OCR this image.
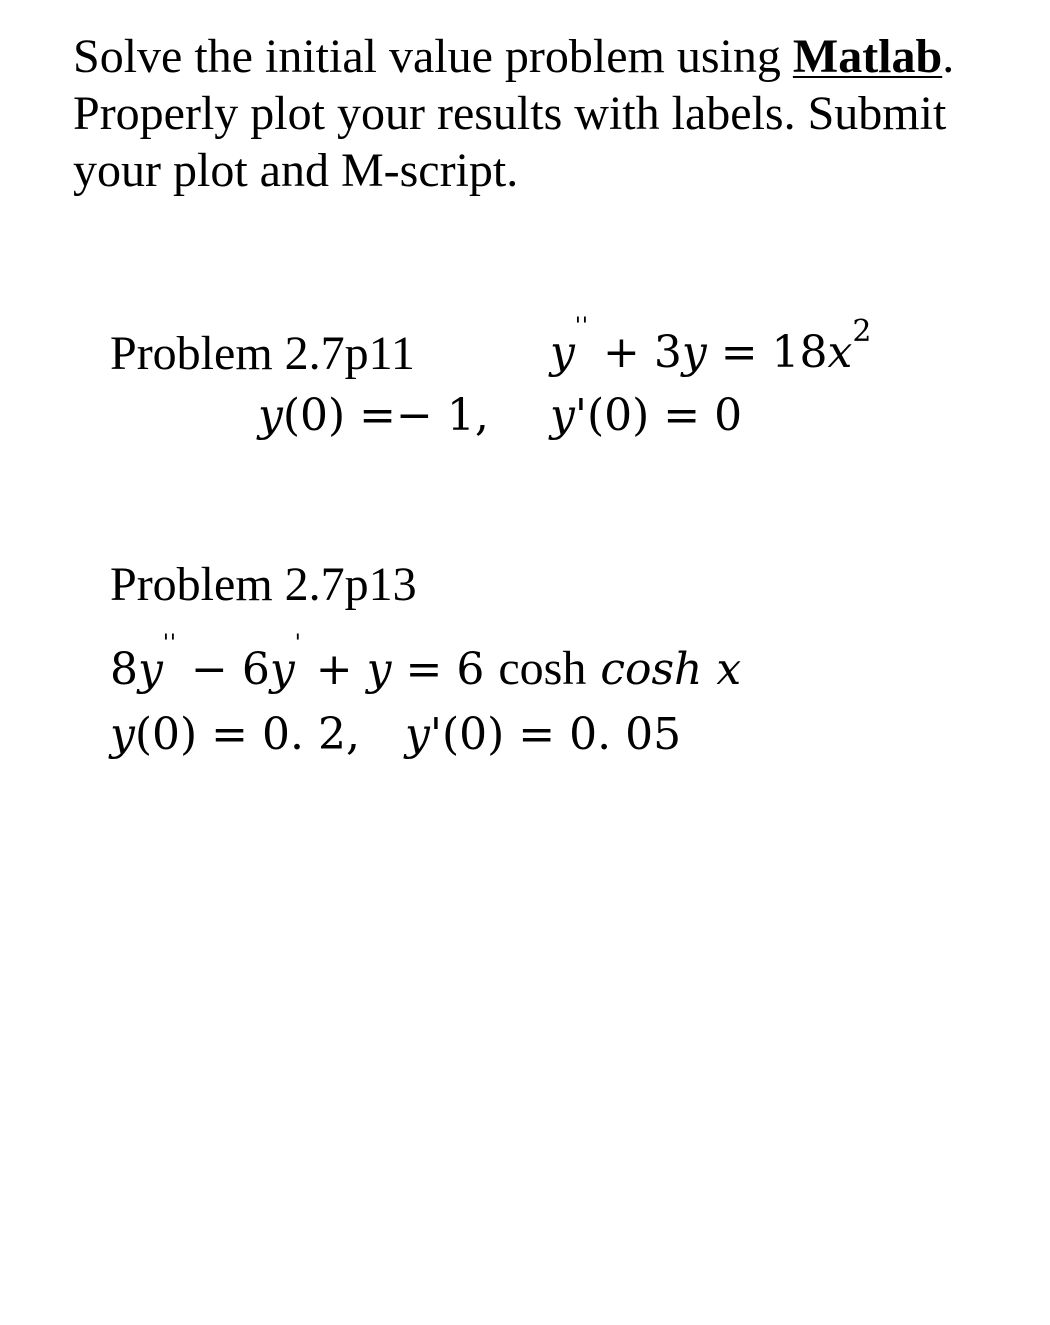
Solve the initial value problem using Matlab. Properly plot your results with labels. Submit your plot and M-script.

Problem 2.7p11	$y'' + 3y = 18x^2$
y(0) =− 1, y'(0) = 0
Problem 2.7p13
8y'' − 6y' + y = 6 cosh cosh x
y(0) = 0. 2, y'(0) = 0. 05
